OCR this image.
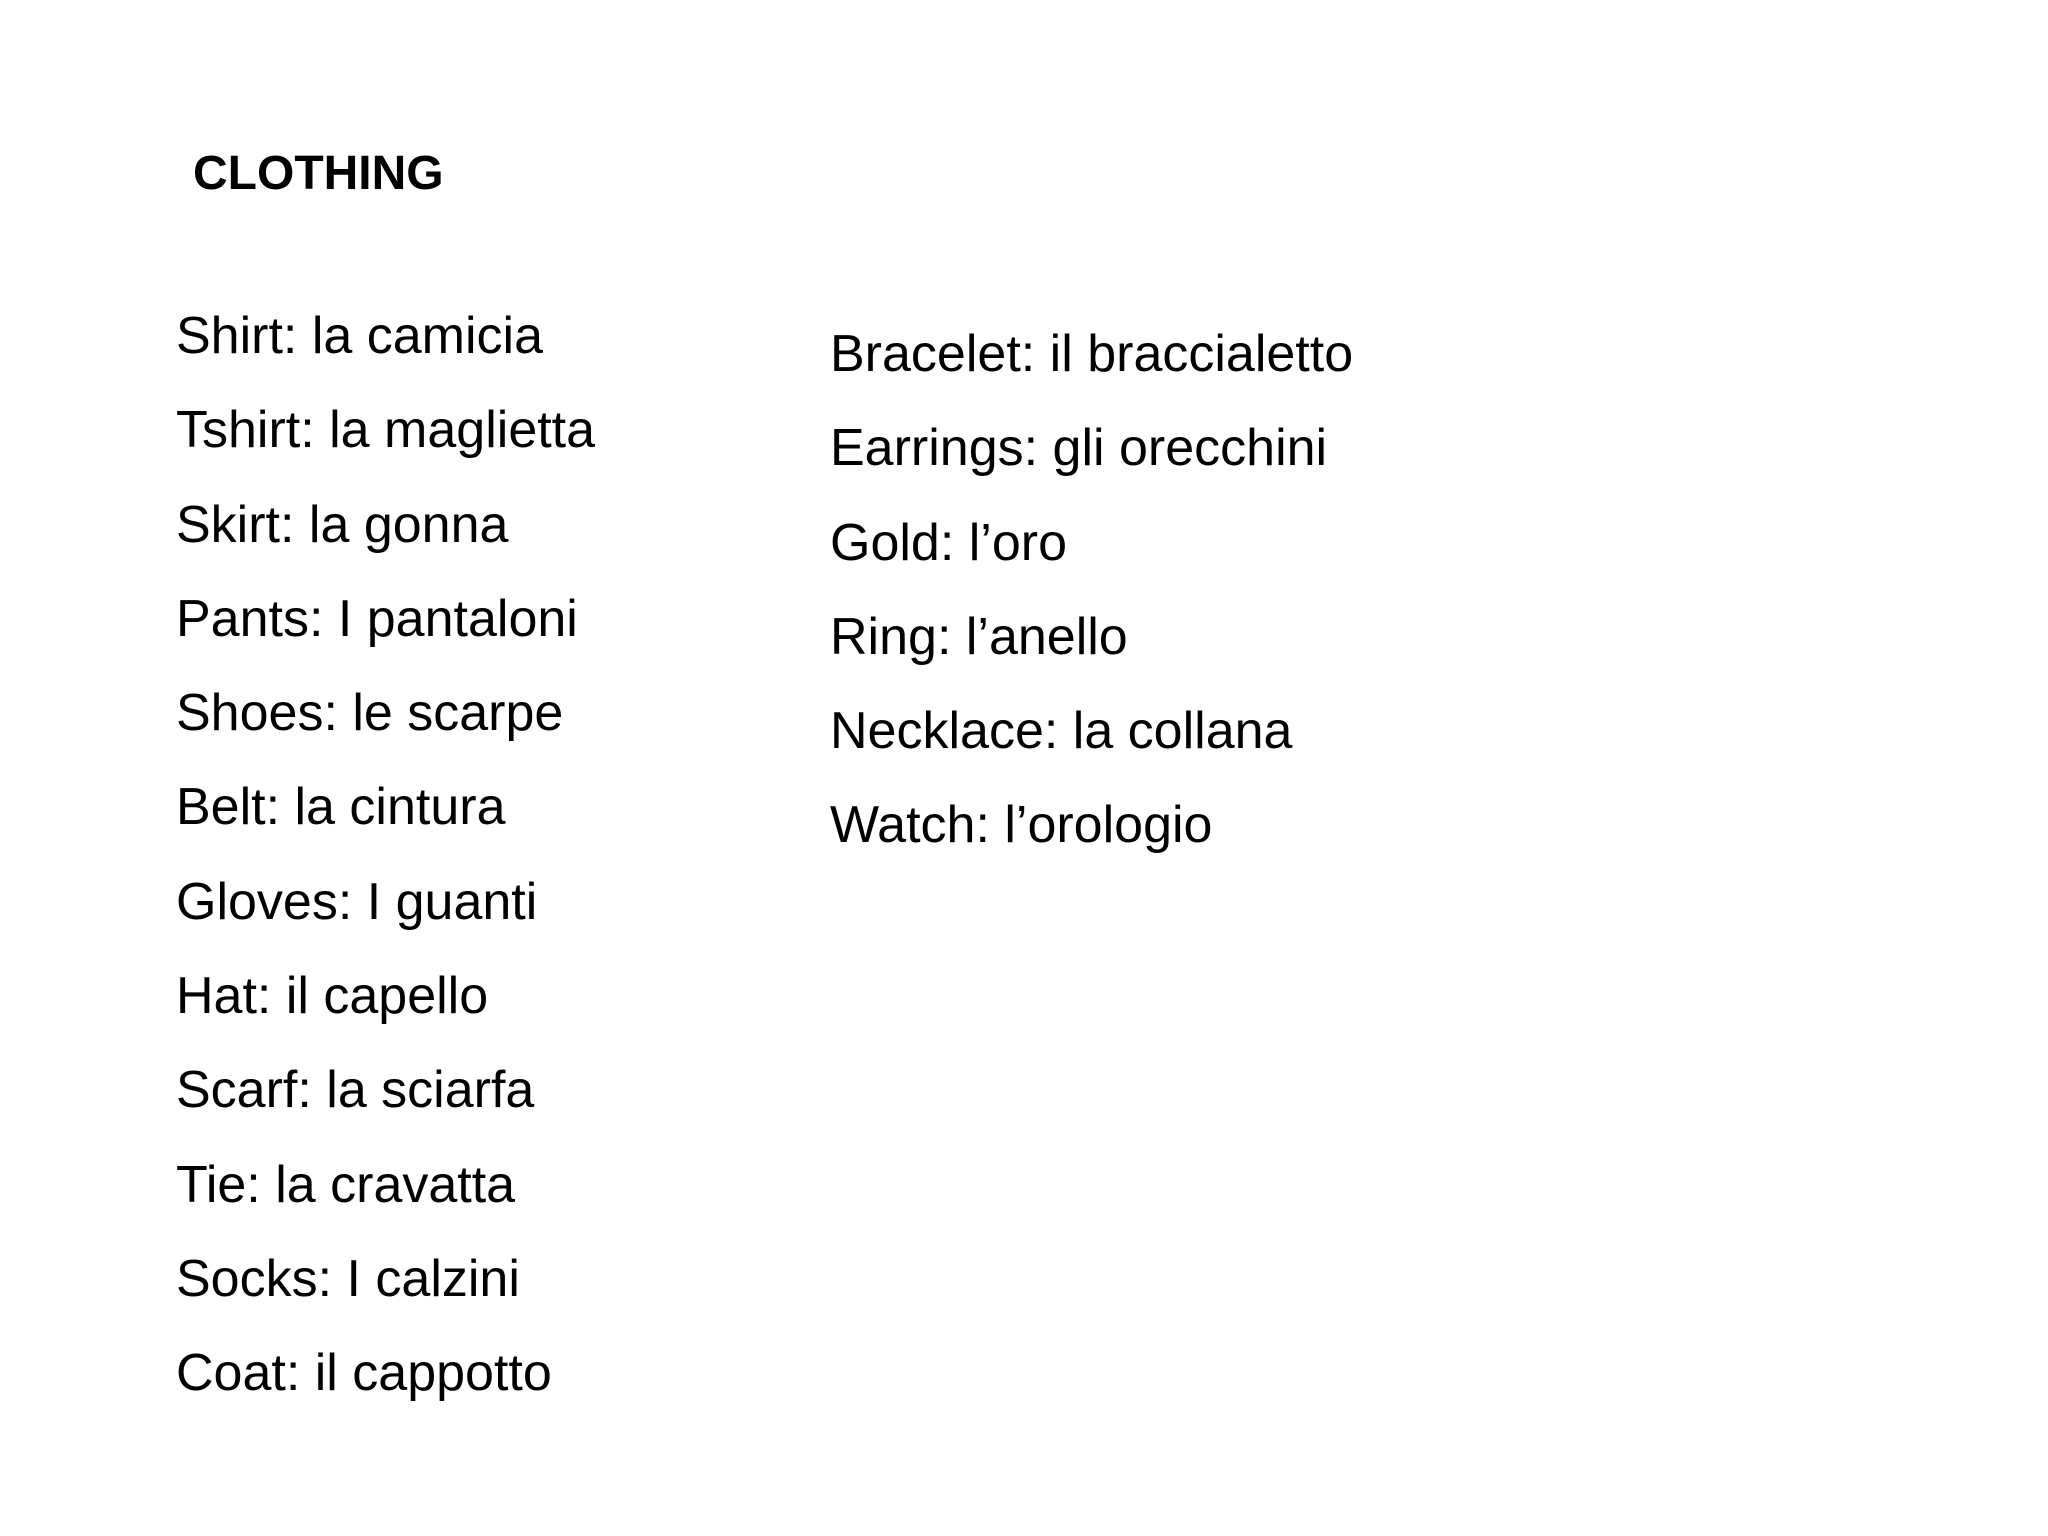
CLOTHING
Shirt: la camicia
Tshirt: la maglietta
Skirt: la gonna
Pants: I pantaloni
Shoes: le scarpe
Belt: la cintura
Gloves: I guanti
Hat: il capello
Scarf: la sciarfa
Tie: la cravatta
Socks: I calzini
Coat: il cappotto
Bracelet: il braccialetto
Earrings: gli orecchini
Gold: l’oro
Ring: l’anello
Necklace: la collana
Watch: l’orologio
